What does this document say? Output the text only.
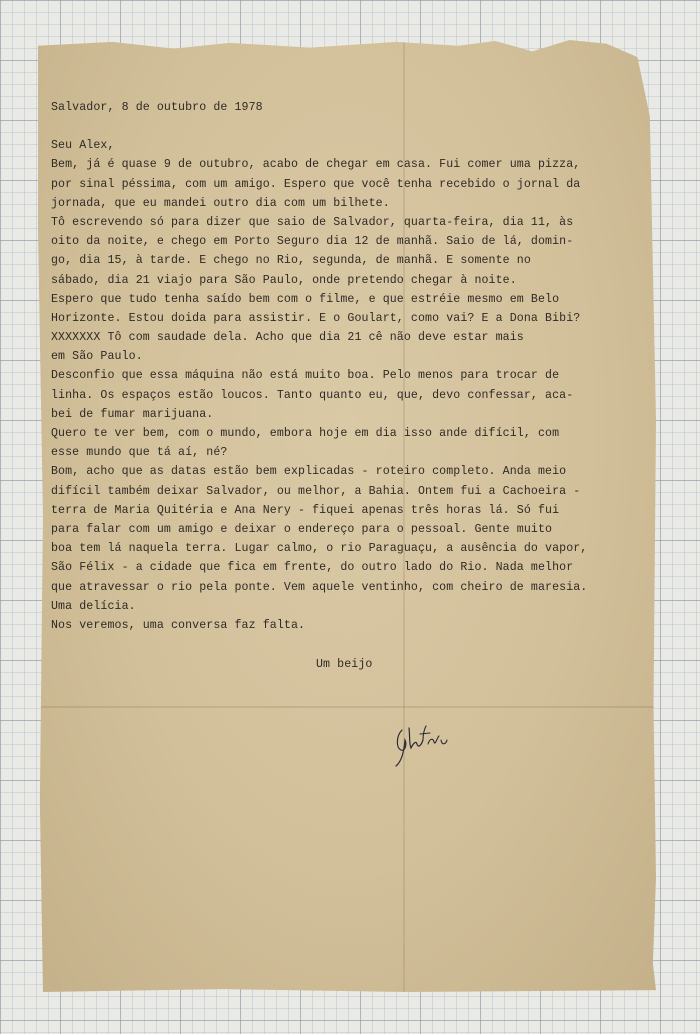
Salvador, 8 de outubro de 1978
Seu Alex,
Bem, já é quase 9 de outubro, acabo de chegar em casa. Fui comer uma pizza,
por sinal péssima, com um amigo. Espero que você tenha recebido o jornal da
jornada, que eu mandei outro dia com um bilhete.
Tô escrevendo só para dizer que saio de Salvador, quarta-feira, dia 11, às
oito da noite, e chego em Porto Seguro dia 12 de manhã. Saio de lá, domin-
go, dia 15, à tarde. E chego no Rio, segunda, de manhã. E somente no
sábado, dia 21 viajo para São Paulo, onde pretendo chegar à noite.
Espero que tudo tenha saído bem com o filme, e que estréie mesmo em Belo
Horizonte. Estou doida para assistir. E o Goulart, como vai? E a Dona Bibi?
XXXXXXX Tô com saudade dela. Acho que dia 21 cê não deve estar mais
em São Paulo.
Desconfio que essa máquina não está muito boa. Pelo menos para trocar de
linha. Os espaços estão loucos. Tanto quanto eu, que, devo confessar, aca-
bei de fumar marijuana.
Quero te ver bem, com o mundo, embora hoje em dia isso ande difícil, com
esse mundo que tá aí, né?
Bom, acho que as datas estão bem explicadas - roteiro completo. Anda meio
difícil também deixar Salvador, ou melhor, a Bahia. Ontem fui a Cachoeira -
terra de Maria Quitéria e Ana Nery - fiquei apenas três horas lá. Só fui
para falar com um amigo e deixar o endereço para o pessoal. Gente muito
boa tem lá naquela terra. Lugar calmo, o rio Paraguaçu, a ausência do vapor,
São Félix - a cidade que fica em frente, do outro lado do Rio. Nada melhor
que atravessar o rio pela ponte. Vem aquele ventinho, com cheiro de maresia.
Uma delícia.
Nos veremos, uma conversa faz falta.
Um beijo
